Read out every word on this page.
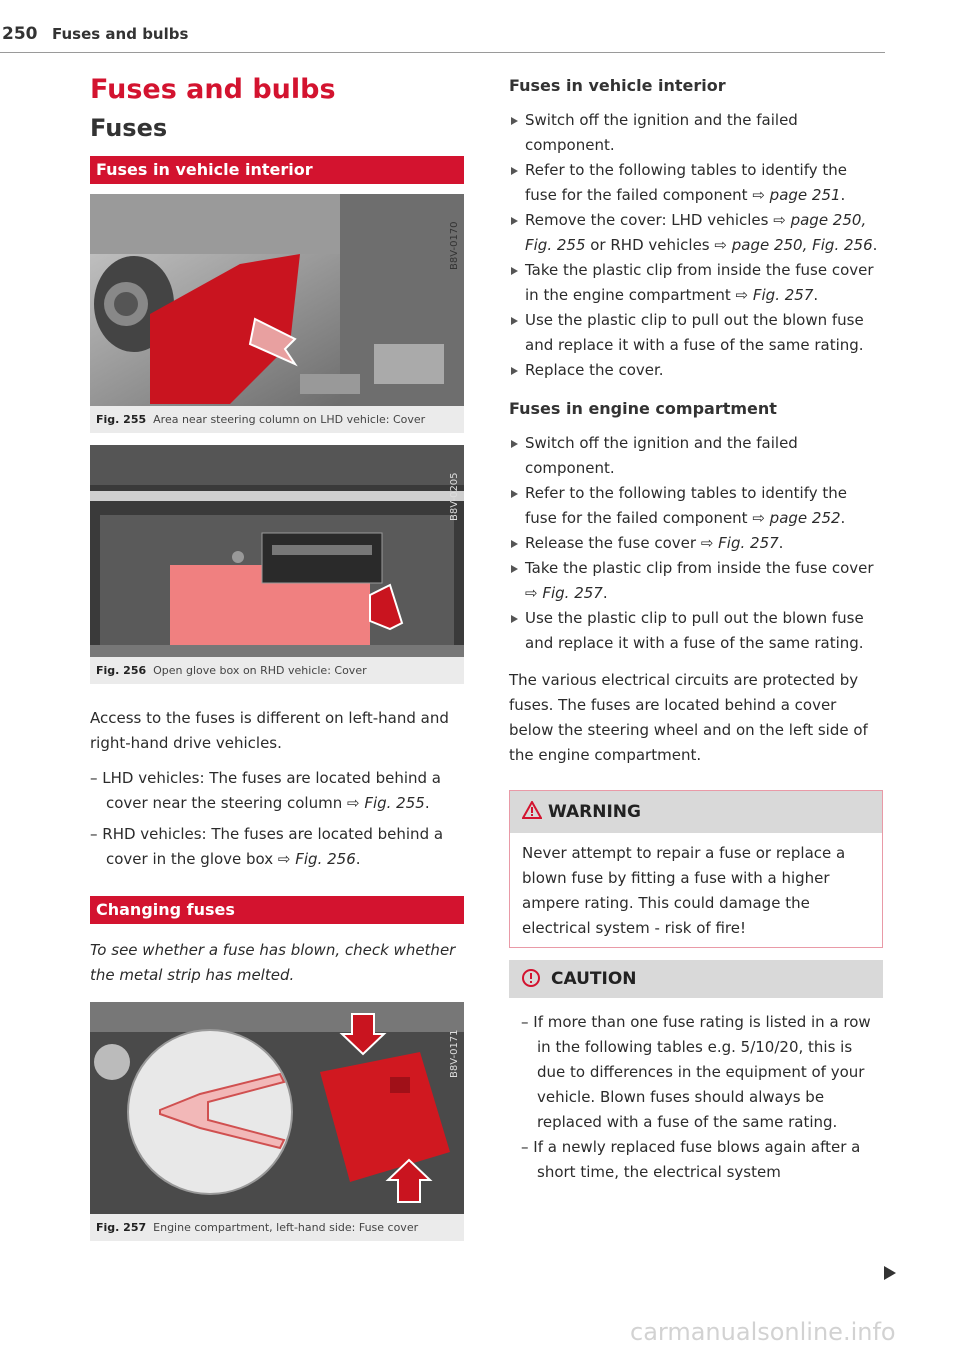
250 Fuses and bulbs
Fuses and bulbs
Fuses
Fuses in vehicle interior
B8V-0170
Fig. 255 Area near steering column on LHD vehicle: Cover
B8V-0205
Fig. 256 Open glove box on RHD vehicle: Cover

Access to the fuses is different on left-hand and right-hand drive vehicles.

– LHD vehicles: The fuses are located behind a cover near the steering column ⇨ Fig. 255.
– RHD vehicles: The fuses are located behind a cover in the glove box ⇨ Fig. 256.
Changing fuses
To see whether a fuse has blown, check whether the metal strip has melted.
B8V-0171
Fig. 257 Engine compartment, left-hand side: Fuse cover
Fuses in vehicle interior
Switch off the ignition and the failed component.
Refer to the following tables to identify the fuse for the failed component ⇨ page 251.
Remove the cover: LHD vehicles ⇨ page 250, Fig. 255 or RHD vehicles ⇨ page 250, Fig. 256.
Take the plastic clip from inside the fuse cover in the engine compartment ⇨ Fig. 257.
Use the plastic clip to pull out the blown fuse and replace it with a fuse of the same rating.
Replace the cover.
Fuses in engine compartment
Switch off the ignition and the failed component.
Refer to the following tables to identify the fuse for the failed component ⇨ page 252.
Release the fuse cover ⇨ Fig. 257.
Take the plastic clip from inside the fuse cover ⇨ Fig. 257.
Use the plastic clip to pull out the blown fuse and replace it with a fuse of the same rating.

The various electrical circuits are protected by fuses. The fuses are located behind a cover below the steering wheel and on the left side of the engine compartment.

WARNING
Never attempt to repair a fuse or replace a blown fuse by fitting a fuse with a higher ampere rating. This could damage the electrical system - risk of fire!
CAUTION
– If more than one fuse rating is listed in a row in the following tables e.g. 5/10/20, this is due to differences in the equipment of your vehicle. Blown fuses should always be replaced with a fuse of the same rating.
– If a newly replaced fuse blows again after a short time, the electrical system
carmanualsonline.info
